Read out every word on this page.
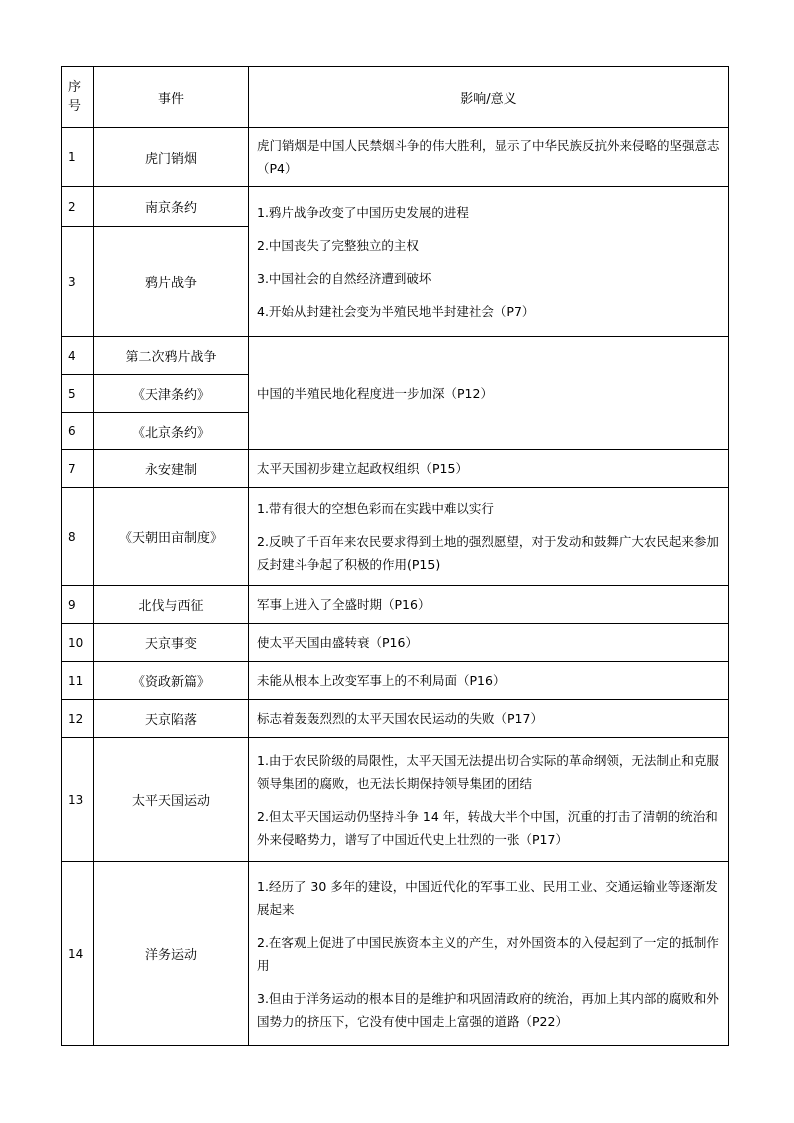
序号	事件	影响/意义
1	虎门销烟	虎门销烟是中国人民禁烟斗争的伟大胜利，显示了中华民族反抗外来侵略的坚强意志（P4）

2	南京条约	1.鸦片战争改变了中国历史发展的进程

2.中国丧失了完整独立的主权

3.中国社会的自然经济遭到破坏

4.开始从封建社会变为半殖民地半封建社会（P7）

3	鸦片战争	
4	第二次鸦片战争	中国的半殖民地化程度进一步加深（P12）

5	《天津条约》	
6	《北京条约》	
7	永安建制	太平天国初步建立起政权组织（P15）

8	《天朝田亩制度》	1.带有很大的空想色彩而在实践中难以实行

2.反映了千百年来农民要求得到土地的强烈愿望，对于发动和鼓舞广大农民起来参加反封建斗争起了积极的作用(P15)

9	北伐与西征	军事上进入了全盛时期（P16）

10	天京事变	使太平天国由盛转衰（P16）

11	《资政新篇》	未能从根本上改变军事上的不利局面（P16）

12	天京陷落	标志着轰轰烈烈的太平天国农民运动的失败（P17）

13	太平天国运动	1.由于农民阶级的局限性，太平天国无法提出切合实际的革命纲领，无法制止和克服领导集团的腐败，也无法长期保持领导集团的团结

2.但太平天国运动仍坚持斗争 14 年，转战大半个中国，沉重的打击了清朝的统治和外来侵略势力，谱写了中国近代史上壮烈的一张（P17）

14	洋务运动	1.经历了 30 多年的建设，中国近代化的军事工业、民用工业、交通运输业等逐渐发展起来

2.在客观上促进了中国民族资本主义的产生，对外国资本的入侵起到了一定的抵制作用

3.但由于洋务运动的根本目的是维护和巩固清政府的统治，再加上其内部的腐败和外国势力的挤压下，它没有使中国走上富强的道路（P22）
